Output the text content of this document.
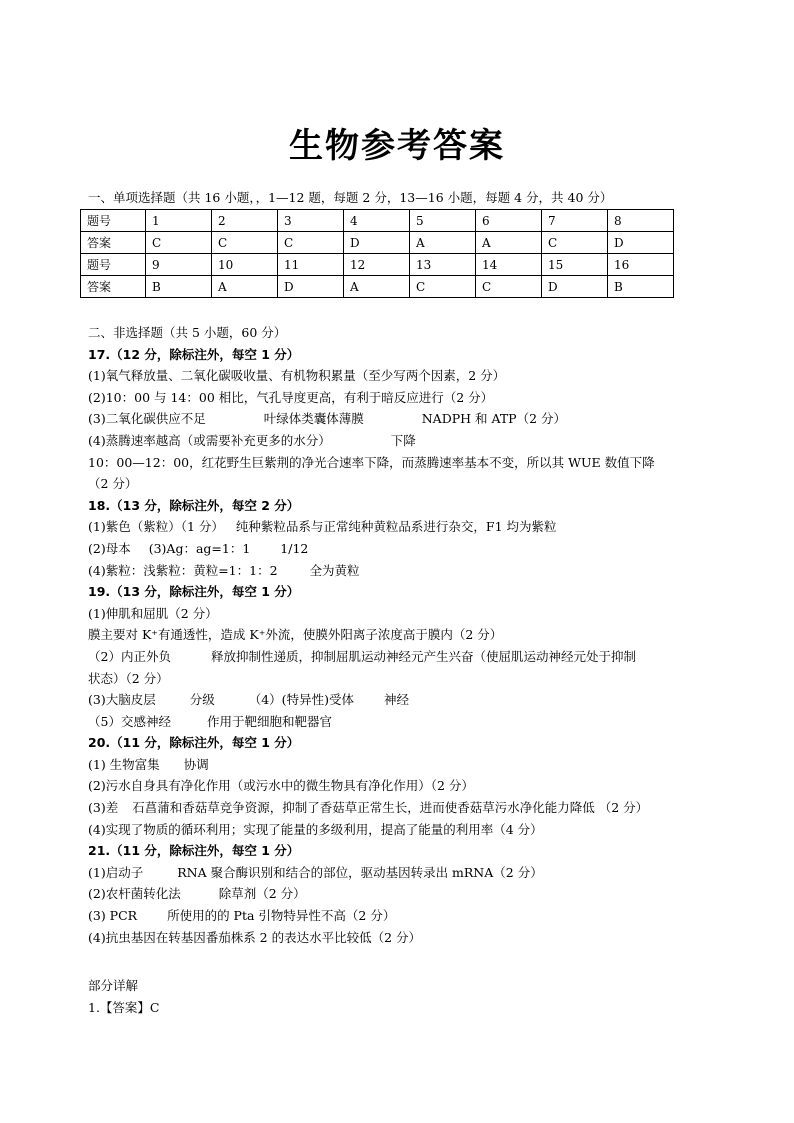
生物参考答案
一、单项选择题（共 16 小题，，1—12 题，每题 2 分，13—16 小题，每题 4 分，共 40 分）
题号	1	2	3	4	5	6	7	8
答案	C	C	C	D	A	A	C	D
题号	9	10	11	12	13	14	15	16
答案	B	A	D	A	C	C	D	B
二、非选择题（共 5 小题，60 分）
17.（12 分，除标注外，每空 1 分）
(1)氧气释放量、二氧化碳吸收量、有机物积累量（至少写两个因素，2 分）
(2)10：00 与 14：00 相比，气孔导度更高，有利于暗反应进行（2 分）
(3)二氧化碳供应不足	叶绿体类囊体薄膜	NADPH 和 ATP（2 分）
(4)蒸腾速率越高（或需要补充更多的水分）	下降
10：00—12：00，红花野生巨紫荆的净光合速率下降，而蒸腾速率基本不变，所以其 WUE 数值下降
（2 分）
18.（13 分，除标注外，每空 2 分）
(1)紫色（紫粒）（1 分） 纯种紫粒品系与正常纯种黄粒品系进行杂交，F1 均为紫粒
(2)母本 (3)Ag：ag=1：1 1/12
(4)紫粒：浅紫粒：黄粒=1：1：2	全为黄粒
19.（13 分，除标注外，每空 1 分）
(1)伸肌和屈肌（2 分）
膜主要对 K⁺有通透性，造成 K⁺外流，使膜外阳离子浓度高于膜内（2 分）
（2）内正外负	释放抑制性递质，抑制屈肌运动神经元产生兴奋（使屈肌运动神经元处于抑制
状态）（2 分）
(3)大脑皮层	分级	（4）(特异性)受体 神经
（5）交感神经	作用于靶细胞和靶器官
20.（11 分，除标注外，每空 1 分）
(1) 生物富集 协调
(2)污水自身具有净化作用（或污水中的微生物具有净化作用）（2 分）
(3)差 石菖蒲和香菇草竞争资源，抑制了香菇草正常生长，进而使香菇草污水净化能力降低 （2 分）
(4)实现了物质的循环利用；实现了能量的多级利用，提高了能量的利用率（4 分）
21.（11 分，除标注外，每空 1 分）
(1)启动子	RNA 聚合酶识别和结合的部位，驱动基因转录出 mRNA（2 分）
(2)农杆菌转化法	除草剂（2 分）
(3) PCR 所使用的的 Pta 引物特异性不高（2 分）
(4)抗虫基因在转基因番茄株系 2 的表达水平比较低（2 分）
部分详解
1.【答案】C
